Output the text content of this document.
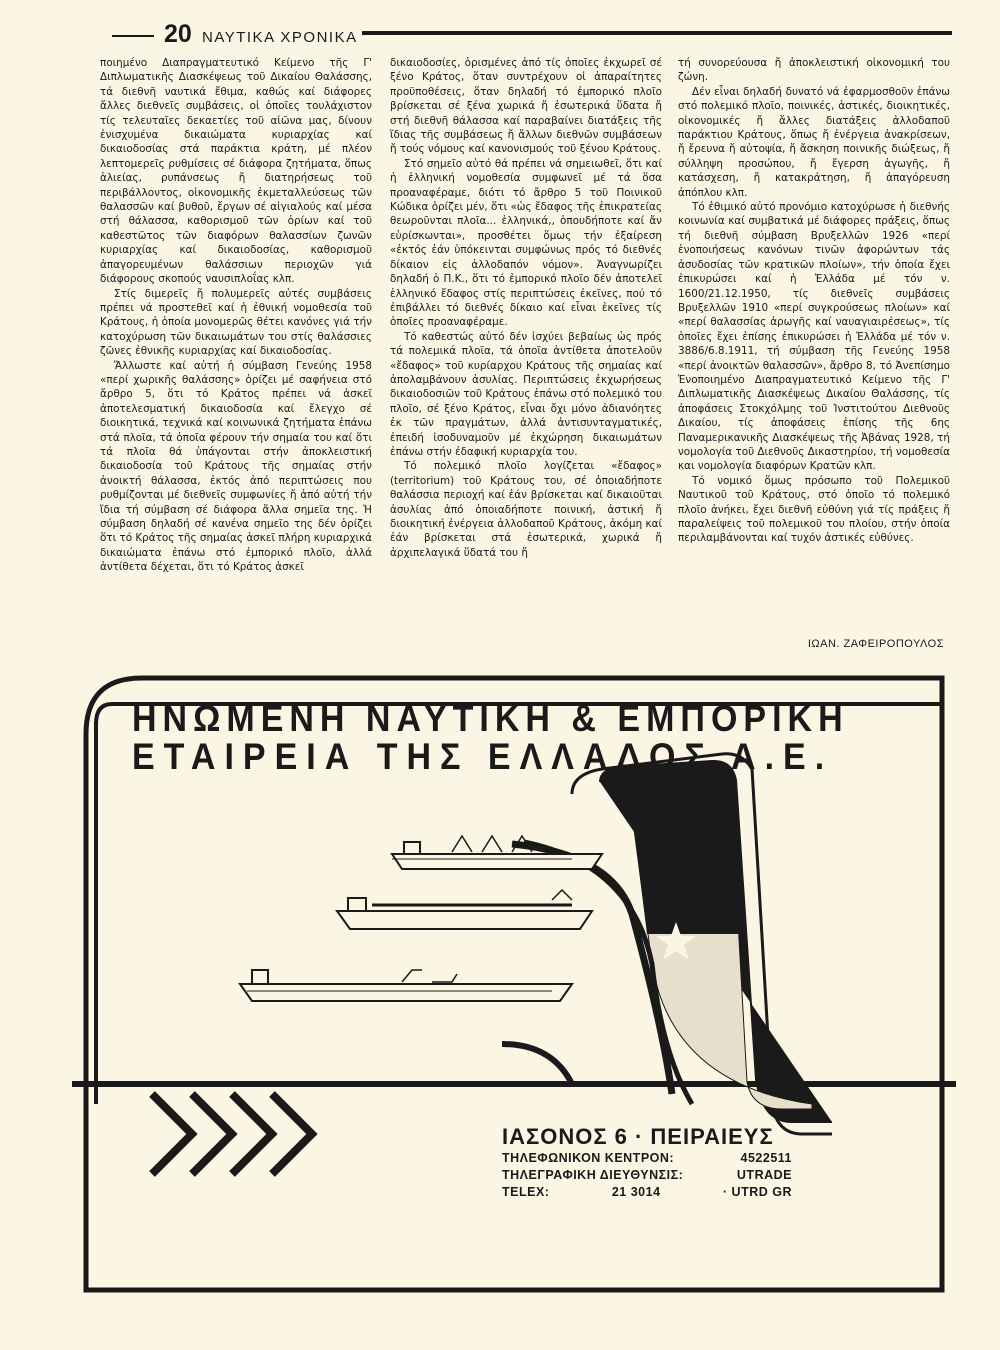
20 ΝΑΥΤΙΚΑ ΧΡΟΝΙΚΑ

ποιημένο Διαπραγματευτικό Κείμενο τῆς Γ' Διπλωματικῆς Διασκέψεως τοῦ Δικαίου Θαλάσσης, τά διεθνῆ ναυτικά ἔθιμα, καθώς καί διάφορες ἄλλες διεθνεῖς συμβάσεις, οἱ ὁποῖες τουλάχιστον τίς τελευταῖες δεκαετίες τοῦ αἰῶνα μας, δίνουν ἐνισχυμένα δικαιώματα κυριαρχίας καί δικαιοδοσίας στά παράκτια κράτη, μέ πλέον λεπτομερεῖς ρυθμίσεις σέ διάφορα ζητήματα, ὅπως ἁλιείας, ρυπάνσεως ἤ διατηρήσεως τοῦ περιβάλλοντος, οἰκονομικῆς ἐκμεταλλεύσεως τῶν θαλασσῶν καί βυθοῦ, ἔργων σέ αἰγιαλούς καί μέσα στή θάλασσα, καθορισμοῦ τῶν ὁρίων καί τοῦ καθεστῶτος τῶν διαφόρων θαλασσίων ζωνῶν κυριαρχίας καί δικαιοδοσίας, καθορισμοῦ ἀπαγορευμένων θαλάσσιων περιοχῶν γιά διάφορους σκοπούς ναυσιπλοΐας κλπ.

Στίς διμερεῖς ἤ πολυμερεῖς αὐτές συμβάσεις πρέπει νά προστεθεῖ καί ἡ ἐθνική νομοθεσία τοῦ Κράτους, ἡ ὁποία μονομερῶς θέτει κανόνες γιά τήν κατοχύρωση τῶν δικαιωμάτων του στίς θαλάσσιες ζῶνες ἐθνικῆς κυριαρχίας καί δικαιοδοσίας.

Ἄλλωστε καί αὐτή ἡ σύμβαση Γενεύης 1958 «περί χωρικῆς θαλάσσης» ὁρίζει μέ σαφήνεια στό ἄρθρο 5, ὅτι τό Κράτος πρέπει νά ἀσκεῖ ἀποτελεσματική δικαιοδοσία καί ἔλεγχο σέ διοικητικά, τεχνικά καί κοινωνικά ζητήματα ἐπάνω στά πλοῖα, τά ὁποῖα φέρουν τήν σημαία του καί ὅτι τά πλοῖα θά ὑπάγονται στήν ἀποκλειστική δικαιοδοσία τοῦ Κράτους τῆς σημαίας στήν ἀνοικτή θάλασσα, ἐκτός ἀπό περιπτώσεις που ρυθμίζονται μέ διεθνεῖς συμφωνίες ἤ ἀπό αὐτή τήν ἴδια τή σύμβαση σέ διάφορα ἄλλα σημεῖα της. Ἡ σύμβαση δηλαδή σέ κανένα σημεῖο της δέν ὁρίζει ὅτι τό Κράτος τῆς σημαίας ἀσκεῖ πλήρη κυριαρχικά δικαιώματα ἐπάνω στό ἐμπορικό πλοῖο, ἀλλά ἀντίθετα δέχεται, ὅτι τό Κράτος ἀσκεῖ

δικαιοδοσίες, ὁρισμένες ἀπό τίς ὁποῖες ἐκχωρεῖ σέ ξένο Κράτος, ὅταν συντρέχουν οἱ ἀπαραίτητες προϋποθέσεις, ὅταν δηλαδή τό ἐμπορικό πλοῖο βρίσκεται σέ ξένα χωρικά ἤ ἐσωτερικά ὕδατα ἤ στή διεθνῆ θάλασσα καί παραβαίνει διατάξεις τῆς ἴδιας τῆς συμβάσεως ἤ ἄλλων διεθνῶν συμβάσεων ἤ τούς νόμους καί κανονισμούς τοῦ ξένου Κράτους.

Στό σημεῖο αὐτό θά πρέπει νά σημειωθεῖ, ὅτι καί ἡ ἑλληνική νομοθεσία συμφωνεῖ μέ τά ὅσα προαναφέραμε, διότι τό ἄρθρο 5 τοῦ Ποινικοῦ Κώδικα ὁρίζει μέν, ὅτι «ὡς ἔδαφος τῆς ἐπικρατείας θεωροῦνται πλοῖα... ἑλληνικά,, ὁπουδήποτε καί ἄν εὑρίσκωνται», προσθέτει ὅμως τήν ἐξαίρεση «ἐκτός ἐάν ὑπόκεινται συμφώνως πρός τό διεθνές δίκαιον εἰς ἀλλοδαπόν νόμον». Ἀναγνωρίζει δηλαδή ὁ Π.Κ., ὅτι τό ἐμπορικό πλοῖο δέν ἀποτελεῖ ἑλληνικό ἔδαφος στίς περιπτώσεις ἐκεῖνες, πού τό ἐπιβάλλει τό διεθνές δίκαιο καί εἶναι ἐκεῖνες τίς ὁποῖες προαναφέραμε.

Τό καθεστώς αὐτό δέν ἰσχύει βεβαίως ὡς πρός τά πολεμικά πλοῖα, τά ὁποῖα ἀντίθετα ἀποτελοῦν «ἔδαφος» τοῦ κυρίαρχου Κράτους τῆς σημαίας καί ἀπολαμβάνουν ἀσυλίας. Περιπτώσεις ἐκχωρήσεως δικαιοδοσιῶν τοῦ Κράτους ἐπάνω στό πολεμικό του πλοῖο, σέ ξένο Κράτος, εἶναι ὄχι μόνο ἀδιανόητες ἐκ τῶν πραγμάτων, ἀλλά ἀντισυνταγματικές, ἐπειδή ἰσοδυναμοῦν μέ ἐκχώρηση δικαιωμάτων ἐπάνω στήν ἐδαφική κυριαρχία του.

Τό πολεμικό πλοῖο λογίζεται «ἔδαφος» (territorium) τοῦ Κράτους του, σέ ὁποιαδήποτε θαλάσσια περιοχή καί ἐάν βρίσκεται καί δικαιοῦται ἀσυλίας ἀπό ὁποιαδήποτε ποινική, ἀστική ἤ διοικητική ἐνέργεια ἀλλοδαποῦ Κράτους, ἀκόμη καί ἐάν βρίσκεται στά ἐσωτερικά, χωρικά ἤ ἀρχιπελαγικά ὕδατά του ἤ

τή συνορεύουσα ἤ ἀποκλειστική οἰκονομική του ζώνη.

Δέν εἶναι δηλαδή δυνατό νά ἐφαρμοσθοῦν ἐπάνω στό πολεμικό πλοῖο, ποινικές, ἀστικές, διοικητικές, οἰκονομικές ἤ ἄλλες διατάξεις ἀλλοδαποῦ παράκτιου Κράτους, ὅπως ἤ ἐνέργεια ἀνακρίσεων, ἤ ἔρευνα ἤ αὐτοψία, ἤ ἄσκηση ποινικῆς διώξεως, ἤ σύλληψη προσώπου, ἤ ἔγερση ἀγωγῆς, ἤ κατάσχεση, ἤ κατακράτηση, ἤ ἀπαγόρευση ἀπόπλου κλπ.

Τό ἐθιμικό αὐτό προνόμιο κατοχύρωσε ἡ διεθνής κοινωνία καί συμβατικά μέ διάφορες πράξεις, ὅπως τή διεθνῆ σύμβαση Βρυξελλῶν 1926 «περί ἑνοποιήσεως κανόνων τινῶν ἀφορώντων τάς ἀσυδοσίας τῶν κρατικῶν πλοίων», τήν ὁποία ἔχει ἐπικυρώσει καί ἡ Ἑλλάδα μέ τόν ν. 1600/21.12.1950, τίς διεθνεῖς συμβάσεις Βρυξελλῶν 1910 «περί συγκρούσεως πλοίων» καί «περί θαλασσίας ἀρωγῆς καί ναυαγιαιρέσεως», τίς ὁποῖες ἔχει ἐπίσης ἐπικυρώσει ἡ Ἑλλάδα μέ τόν ν. 3886/6.8.1911, τή σύμβαση τῆς Γενεύης 1958 «περί ἀνοικτῶν θαλασσῶν», ἄρθρο 8, τό Ἀνεπίσημο Ἑνοποιημένο Διαπραγματευτικό Κείμενο τῆς Γ' Διπλωματικῆς Διασκέψεως Δικαίου Θαλάσσης, τίς ἀποφάσεις Στοκχόλμης τοῦ Ἰνστιτούτου Διεθνοῦς Δικαίου, τίς ἀποφάσεις ἐπίσης τῆς 6ης Παναμερικανικῆς Διασκέψεως τῆς Ἀβάνας 1928, τή νομολογία τοῦ Διεθνοῦς Δικαστηρίου, τή νομοθεσία και νομολογία διαφόρων Κρατῶν κλπ.

Τό νομικό ὅμως πρόσωπο τοῦ Πολεμικοῦ Ναυτικοῦ τοῦ Κράτους, στό ὁποῖο τό πολεμικό πλοῖο ἀνήκει, ἔχει διεθνῆ εὐθύνη γιά τίς πράξεις ἤ παραλείψεις τοῦ πολεμικοῦ του πλοίου, στήν ὁποία περιλαμβάνονται καί τυχόν ἀστικές εὐθύνες.

ΙΩΑΝ. ΖΑΦΕΙΡΟΠΟΥΛΟΣ
ΗΝΩΜΕΝΗ ΝΑΥΤΙΚΗ & ΕΜΠΟΡΙΚΗ
ΕΤΑΙΡΕΙΑ ΤΗΣ ΕΛΛΑΔΟΣ Α.Ε.
ΙΑΣΟΝΟΣ 6 · ΠΕΙΡΑΙΕΥΣ
ΤΗΛΕΦΩΝΙΚΟΝ ΚΕΝΤΡΟΝ:	4522511
ΤΗΛΕΓΡΑΦΙΚΗ ΔΙΕΥΘΥΝΣΙΣ:	UTRADE
TELEX:	21 3014	· UTRD GR
